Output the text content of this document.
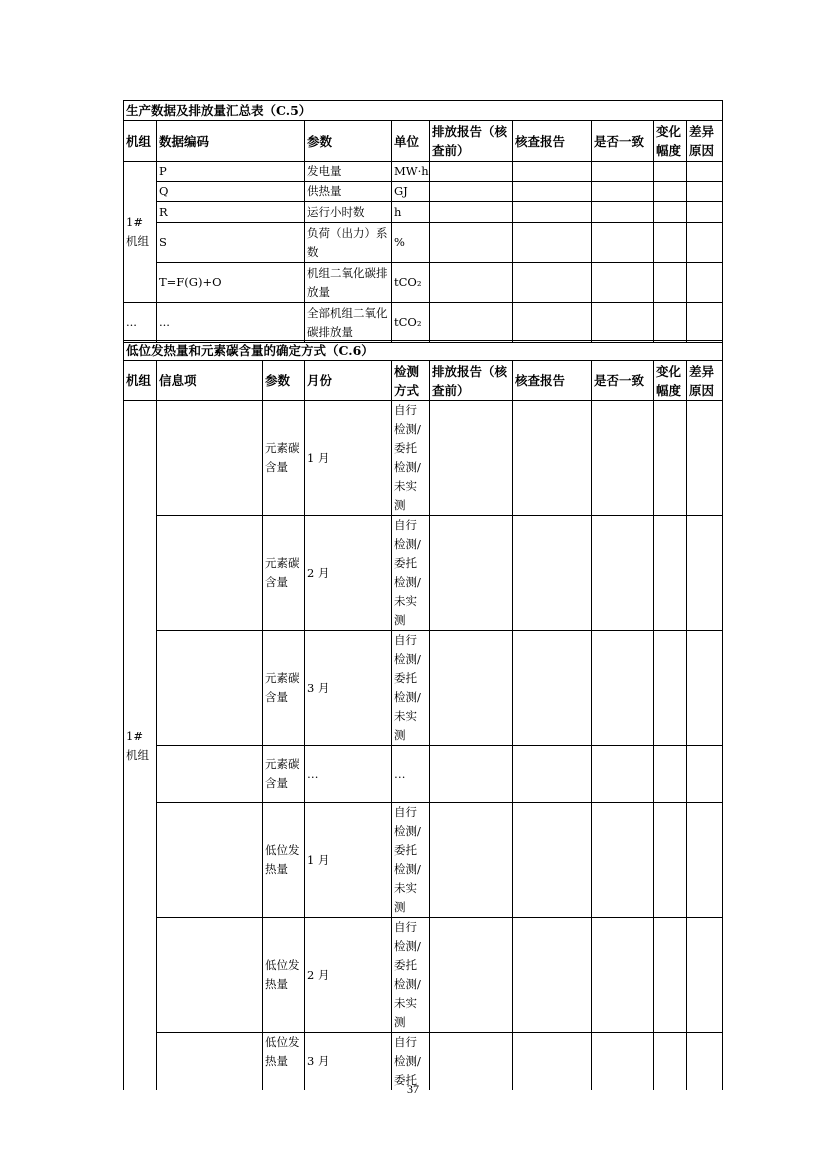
生产数据及排放量汇总表（C.5）								
机组	数据编码	参数	单位	排放报告（核查前）	核查报告	是否一致	变化幅度	差异原因
1#机组	P	发电量	MW·h					
	Q	供热量	GJ					
	R	运行小时数	h					
	S	负荷（出力）系数	%					
	T=F(G)+O	机组二氧化碳排放量	tCO₂					
...	...	全部机组二氧化碳排放量	tCO₂					
低位发热量和元素碳含量的确定方式（C.6）									
机组	信息项	参数	月份	检测方式	排放报告（核查前）	核查报告	是否一致	变化幅度	差异原因
1#机组		元素碳含量	1 月	自行检测/委托检测/未实测					
		元素碳含量	2 月	自行检测/委托检测/未实测					
		元素碳含量	3 月	自行检测/委托检测/未实测					
		元素碳含量	…	…					
		低位发热量	1 月	自行检测/委托检测/未实测					
		低位发热量	2 月	自行检测/委托检测/未实测					
		低位发热量	3 月	自行检测/委托					
37
